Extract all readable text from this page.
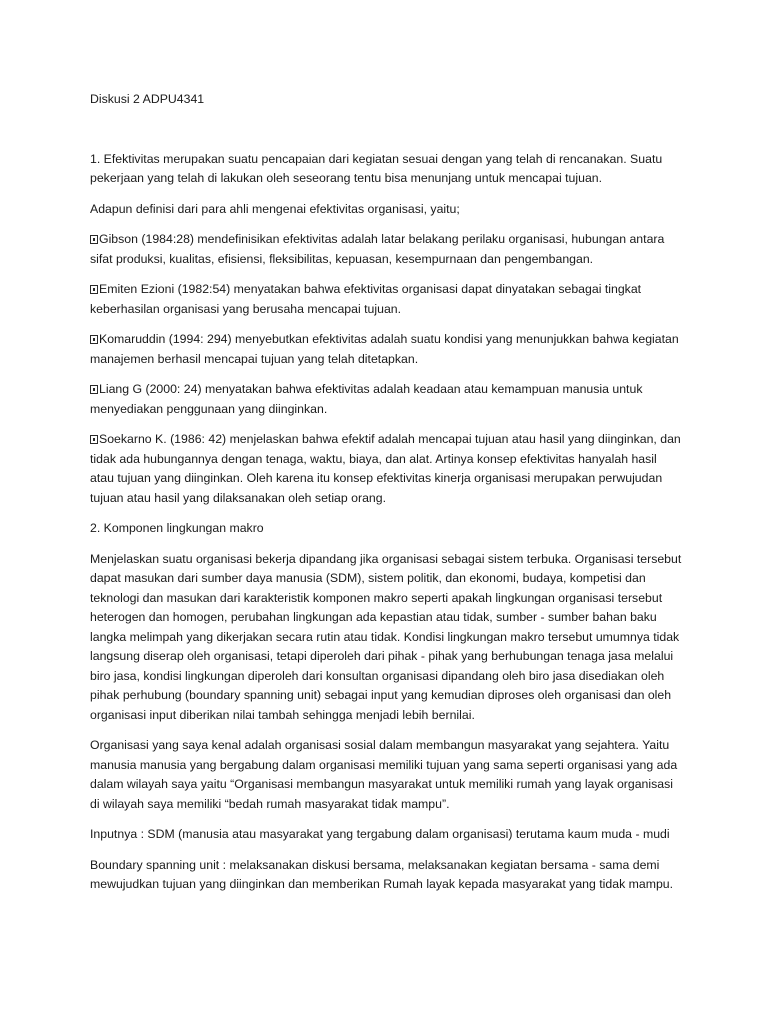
Diskusi 2 ADPU4341

1. Efektivitas merupakan suatu pencapaian dari kegiatan sesuai dengan yang telah di rencanakan. Suatu pekerjaan yang telah di lakukan oleh seseorang tentu bisa menunjang untuk mencapai tujuan.

Adapun definisi dari para ahli mengenai efektivitas organisasi, yaitu;

Gibson (1984:28) mendefinisikan efektivitas adalah latar belakang perilaku organisasi, hubungan antara sifat produksi, kualitas, efisiensi, fleksibilitas, kepuasan, kesempurnaan dan pengembangan.

Emiten Ezioni (1982:54) menyatakan bahwa efektivitas organisasi dapat dinyatakan sebagai tingkat keberhasilan organisasi yang berusaha mencapai tujuan.

Komaruddin (1994: 294) menyebutkan efektivitas adalah suatu kondisi yang menunjukkan bahwa kegiatan manajemen berhasil mencapai tujuan yang telah ditetapkan.

Liang G (2000: 24) menyatakan bahwa efektivitas adalah keadaan atau kemampuan manusia untuk menyediakan penggunaan yang diinginkan.

Soekarno K. (1986: 42) menjelaskan bahwa efektif adalah mencapai tujuan atau hasil yang diinginkan, dan tidak ada hubungannya dengan tenaga, waktu, biaya, dan alat. Artinya konsep efektivitas hanyalah hasil atau tujuan yang diinginkan. Oleh karena itu konsep efektivitas kinerja organisasi merupakan perwujudan tujuan atau hasil yang dilaksanakan oleh setiap orang.

2. Komponen lingkungan makro

Menjelaskan suatu organisasi bekerja dipandang jika organisasi sebagai sistem terbuka. Organisasi tersebut dapat masukan dari sumber daya manusia (SDM), sistem politik, dan ekonomi, budaya, kompetisi dan teknologi dan masukan dari karakteristik komponen makro seperti apakah lingkungan organisasi tersebut heterogen dan homogen, perubahan lingkungan ada kepastian atau tidak, sumber - sumber bahan baku langka melimpah yang dikerjakan secara rutin atau tidak. Kondisi lingkungan makro tersebut umumnya tidak langsung diserap oleh organisasi, tetapi diperoleh dari pihak - pihak yang berhubungan tenaga jasa melalui biro jasa, kondisi lingkungan diperoleh dari konsultan organisasi dipandang oleh biro jasa disediakan oleh pihak perhubung (boundary spanning unit) sebagai input yang kemudian diproses oleh organisasi dan oleh organisasi input diberikan nilai tambah sehingga menjadi lebih bernilai.

Organisasi yang saya kenal adalah organisasi sosial dalam membangun masyarakat yang sejahtera. Yaitu manusia manusia yang bergabung dalam organisasi memiliki tujuan yang sama seperti organisasi yang ada dalam wilayah saya yaitu “Organisasi membangun masyarakat untuk memiliki rumah yang layak organisasi di wilayah saya memiliki “bedah rumah masyarakat tidak mampu”.

Inputnya : SDM (manusia atau masyarakat yang tergabung dalam organisasi) terutama kaum muda - mudi

Boundary spanning unit : melaksanakan diskusi bersama, melaksanakan kegiatan bersama - sama demi mewujudkan tujuan yang diinginkan dan memberikan Rumah layak kepada masyarakat yang tidak mampu.
